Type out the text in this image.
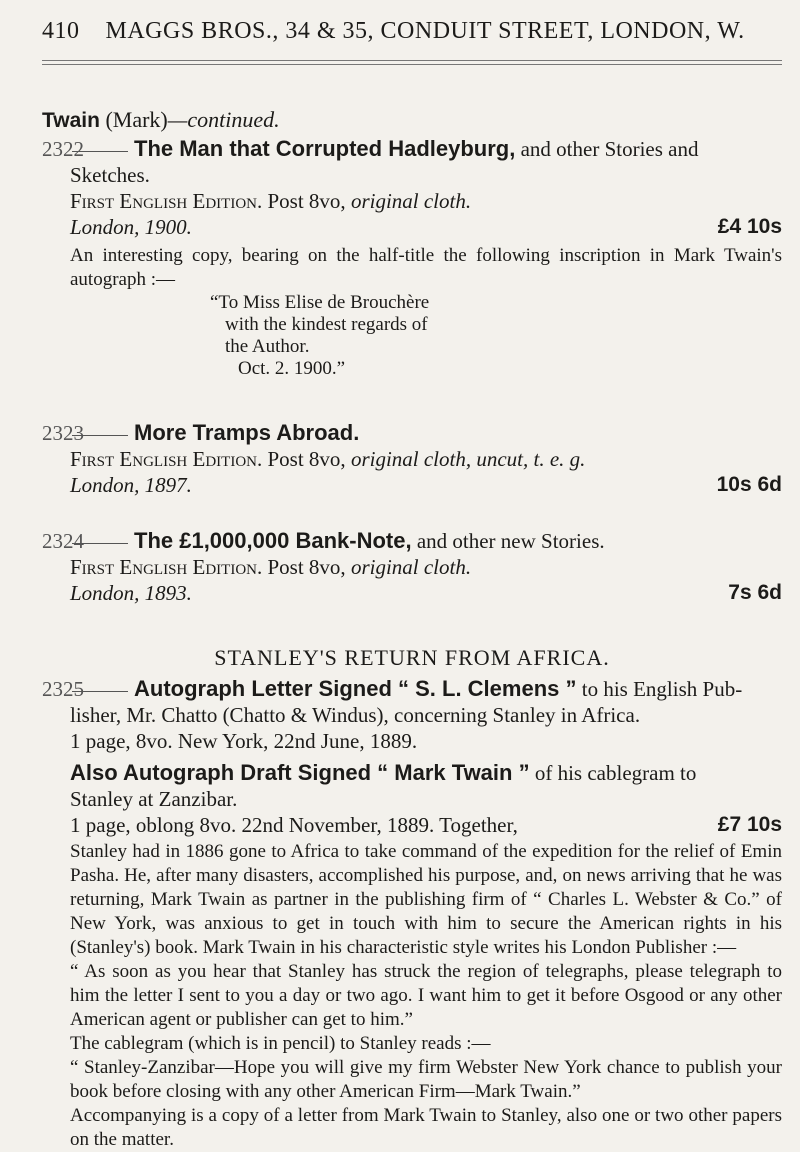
410 MAGGS BROS., 34 & 35, CONDUIT STREET, LONDON, W.
Twain (Mark)—continued.
2322	The Man that Corrupted Hadleyburg, and other Stories and
Sketches.
First English Edition. Post 8vo, original cloth.
London, 1900.	£4 10s
An interesting copy, bearing on the half-title the following inscription in Mark Twain's autograph :—
“To Miss Elise de Brouchère
with the kindest regards of
the Author.
Oct. 2. 1900.”
2323	More Tramps Abroad.
First English Edition. Post 8vo, original cloth, uncut, t. e. g.
London, 1897.	10s 6d
2324	The £1,000,000 Bank-Note, and other new Stories.
First English Edition. Post 8vo, original cloth.
London, 1893.	7s 6d
STANLEY'S RETURN FROM AFRICA.
2325	Autograph Letter Signed “ S. L. Clemens ” to his English Pub-
lisher, Mr. Chatto (Chatto & Windus), concerning Stanley in Africa.
1 page, 8vo. New York, 22nd June, 1889.
Also Autograph Draft Signed “ Mark Twain ” of his cablegram to
Stanley at Zanzibar.
1 page, oblong 8vo. 22nd November, 1889. Together,	£7 10s
Stanley had in 1886 gone to Africa to take command of the expedition for the relief of Emin Pasha. He, after many disasters, accomplished his purpose, and, on news arriving that he was returning, Mark Twain as partner in the publishing firm of “ Charles L. Webster & Co.” of New York, was anxious to get in touch with him to secure the American rights in his (Stanley's) book. Mark Twain in his characteristic style writes his London Publisher :—
“ As soon as you hear that Stanley has struck the region of telegraphs, please telegraph to him the letter I sent to you a day or two ago. I want him to get it before Osgood or any other American agent or publisher can get to him.”
The cablegram (which is in pencil) to Stanley reads :—
“ Stanley-Zanzibar—Hope you will give my firm Webster New York chance to publish your book before closing with any other American Firm—Mark Twain.”
Accompanying is a copy of a letter from Mark Twain to Stanley, also one or two other papers on the matter.
